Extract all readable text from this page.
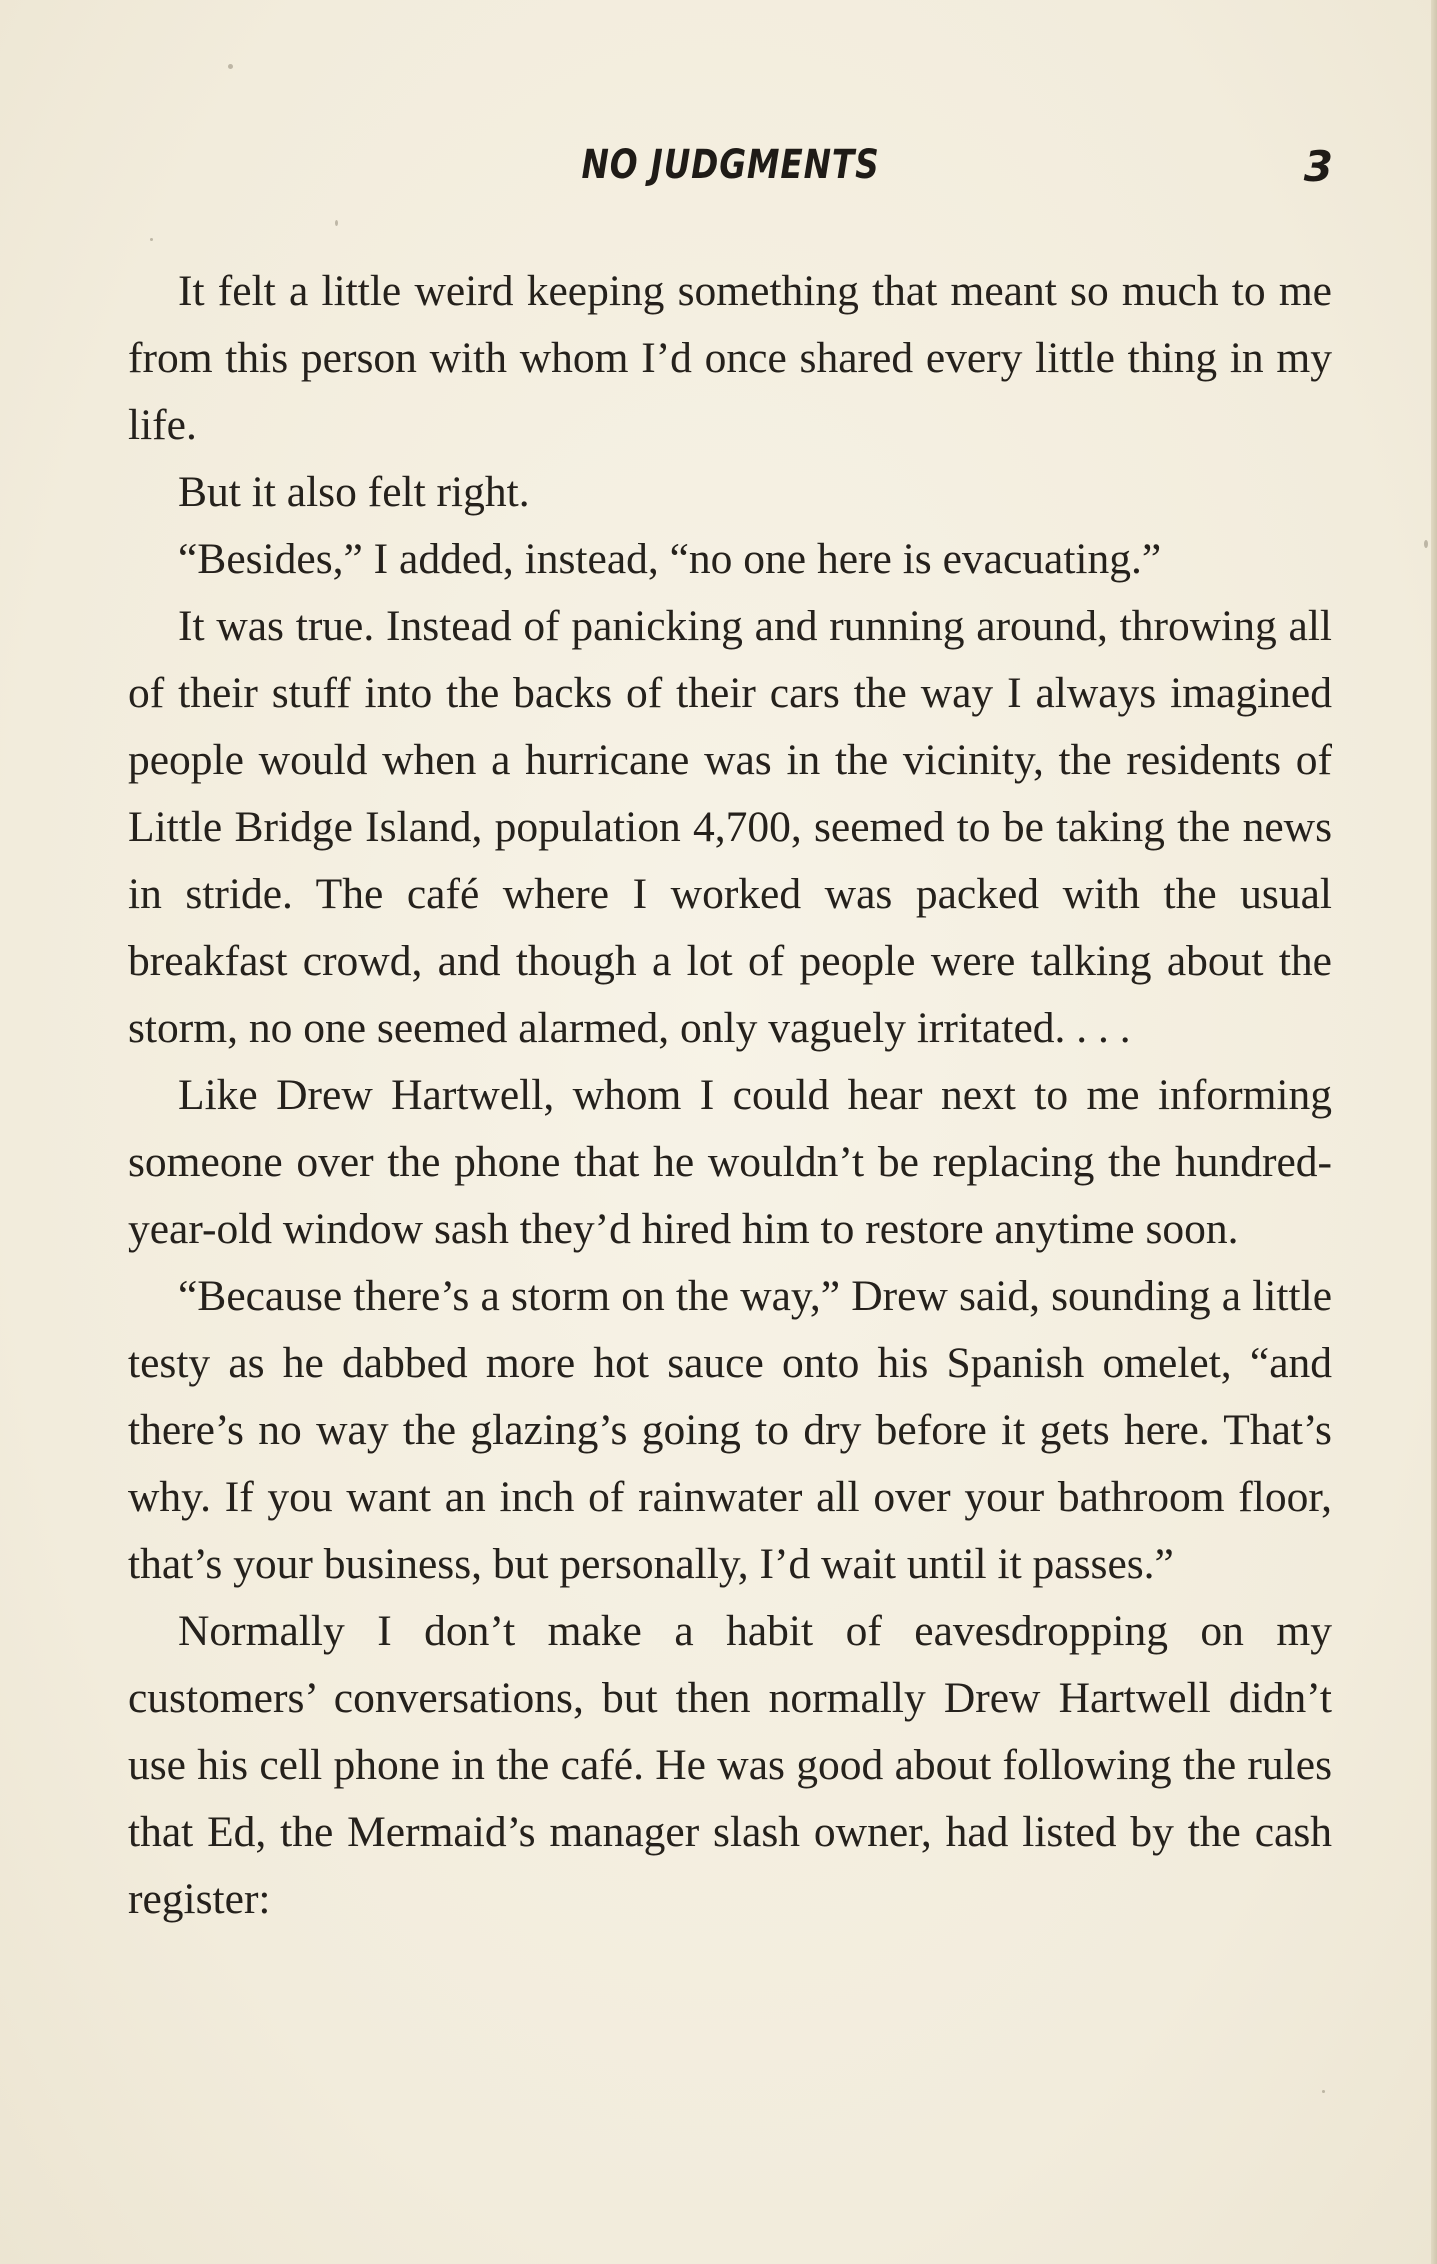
NO JUDGMENTS	3

It felt a little weird keeping something that meant so much to me from this person with whom I’d once shared every little thing in my life.

But it also felt right.

“Besides,” I added, instead, “no one here is evacuating.”

It was true. Instead of panicking and running around, throwing all of their stuff into the backs of their cars the way I always imagined people would when a hurricane was in the vicinity, the residents of Little Bridge Island, population 4,700, seemed to be taking the news in stride. The café where I worked was packed with the usual breakfast crowd, and though a lot of people were talking about the storm, no one seemed alarmed, only vaguely irritated. . . .

Like Drew Hartwell, whom I could hear next to me informing someone over the phone that he wouldn’t be replacing the hundred-year-old window sash they’d hired him to restore anytime soon.

“Because there’s a storm on the way,” Drew said, sounding a little testy as he dabbed more hot sauce onto his Spanish omelet, “and there’s no way the glazing’s going to dry before it gets here. That’s why. If you want an inch of rainwater all over your bathroom floor, that’s your business, but personally, I’d wait until it passes.”

Normally I don’t make a habit of eavesdropping on my customers’ conversations, but then normally Drew Hartwell didn’t use his cell phone in the café. He was good about following the rules that Ed, the Mermaid’s manager slash owner, had listed by the cash register:
